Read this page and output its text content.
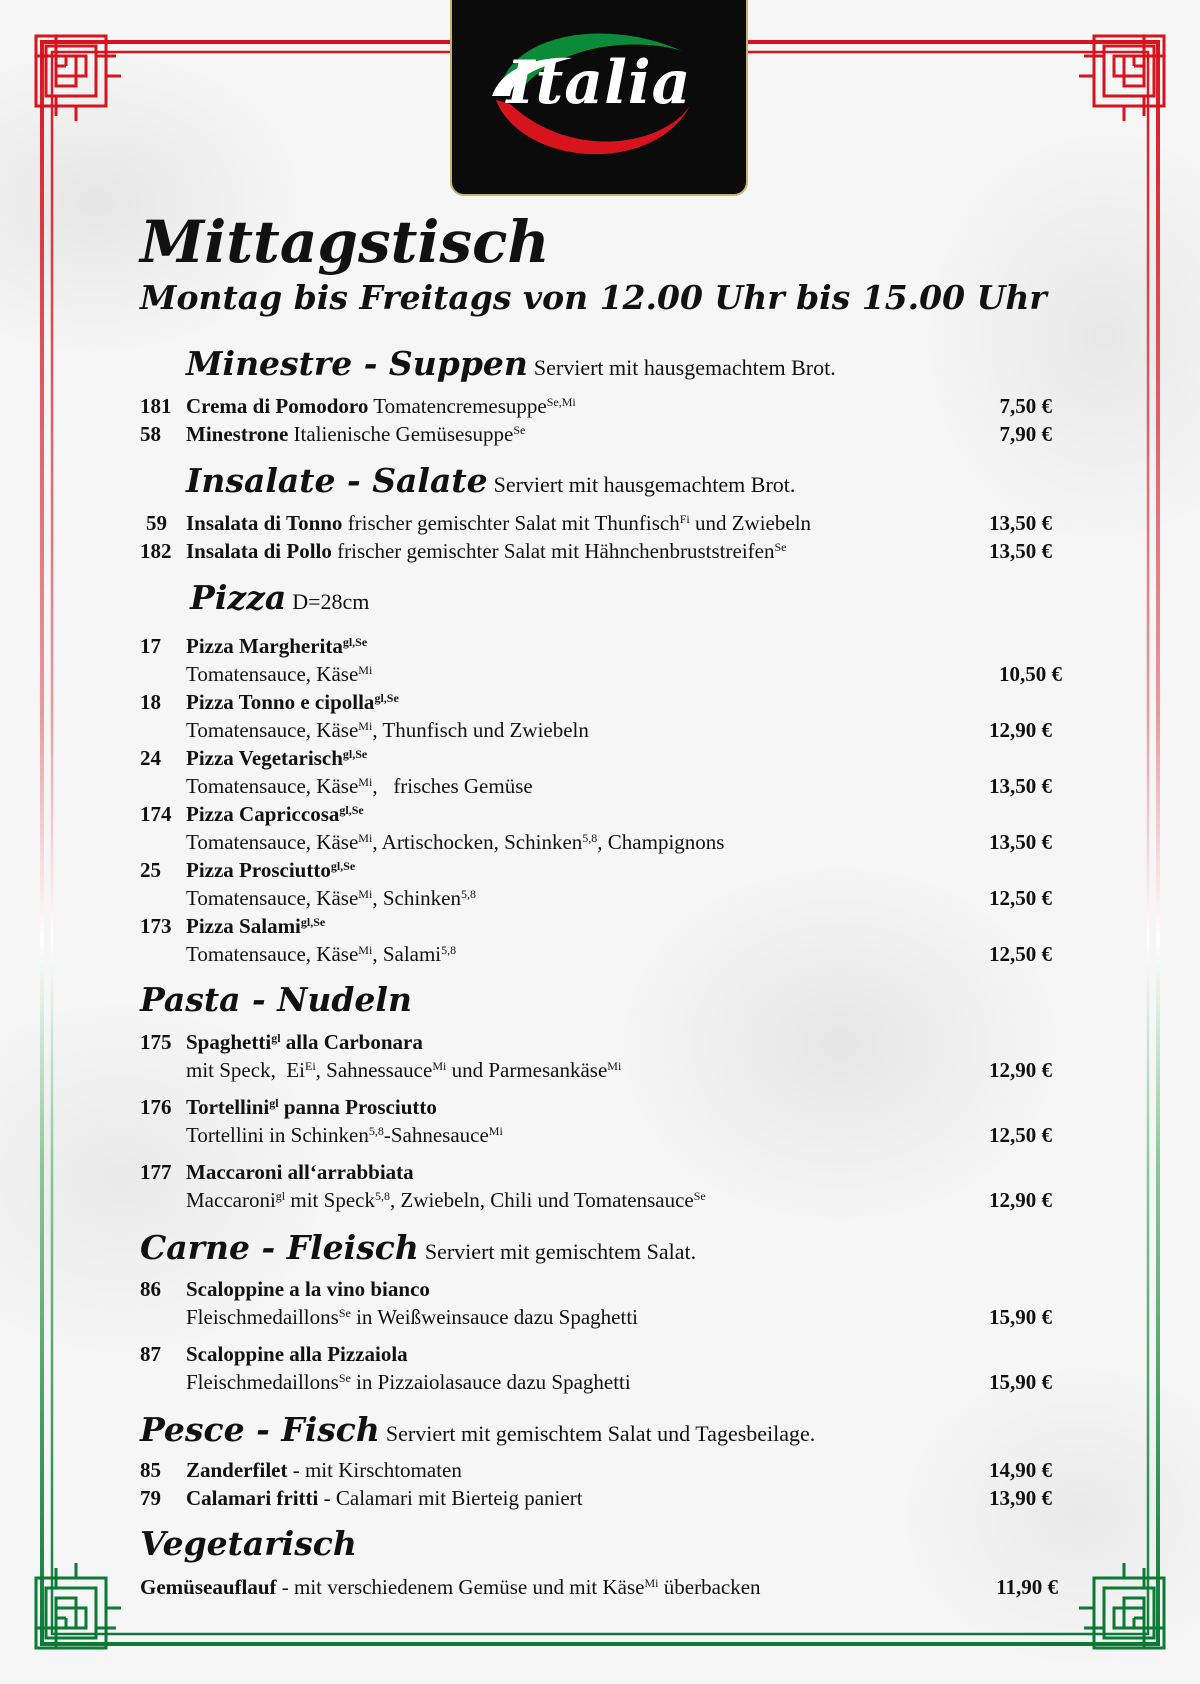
Italia
Mittagstisch
Montag bis Freitags von 12.00 Uhr bis 15.00 Uhr
Minestre - Suppen Serviert mit hausgemachtem Brot.
181 Crema di Pomodoro Tomatencremesuppe$^{Se,Mi}$	7,50 €
58 Minestrone Italienische Gemüsesuppe$^{Se}$	7,90 €
Insalate - Salate Serviert mit hausgemachtem Brot.
59 Insalata di Tonno frischer gemischter Salat mit Thunfisch$^{Fi}$ und Zwiebeln	13,50 €
182 Insalata di Pollo frischer gemischter Salat mit Hähnchenbruststreifen$^{Se}$	13,50 €
Pizza D=28cm
17 Pizza Margherita$^{gl,Se}$
Tomatensauce, Käse$^{Mi}$	10,50 €
18 Pizza Tonno e cipolla$^{gl,Se}$
Tomatensauce, Käse$^{Mi}$, Thunfisch und Zwiebeln	12,90 €
24 Pizza Vegetarisch$^{gl,Se}$
Tomatensauce, Käse$^{Mi}$,   frisches Gemüse	13,50 €
174 Pizza Capriccosa$^{gl,Se}$
Tomatensauce, Käse$^{Mi}$, Artischocken, Schinken$^{5,8}$, Champignons	13,50 €
25 Pizza Prosciutto$^{gl,Se}$
Tomatensauce, Käse$^{Mi}$, Schinken$^{5,8}$	12,50 €
173 Pizza Salami$^{gl,Se}$
Tomatensauce, Käse$^{Mi}$, Salami$^{5,8}$	12,50 €
Pasta - Nudeln
175 Spaghetti$^{gl}$ alla Carbonara
mit Speck,  $Ei^{Ei}$, Sahnessauce$^{Mi}$ und Parmesankäse$^{Mi}$	12,90 €
176 Tortellini$^{gl}$ panna Prosciutto
Tortellini in Schinken$^{5,8}$-Sahnesauce$^{Mi}$	12,50 €
177 Maccaroni all‘arrabbiata
Maccaroni$^{gl}$ mit Speck$^{5,8}$, Zwiebeln, Chili und Tomatensauce$^{Se}$	12,90 €
Carne - Fleisch Serviert mit gemischtem Salat.
86 Scaloppine a la vino bianco
Fleischmedaillons$^{Se}$ in Weißweinsauce dazu Spaghetti	15,90 €
87 Scaloppine alla Pizzaiola
Fleischmedaillons$^{Se}$ in Pizzaiolasauce dazu Spaghetti	15,90 €
Pesce - Fisch Serviert mit gemischtem Salat und Tagesbeilage.
85 Zanderfilet - mit Kirschtomaten	14,90 €
79 Calamari fritti - Calamari mit Bierteig paniert	13,90 €
Vegetarisch
Gemüseauflauf - mit verschiedenem Gemüse und mit Käse$^{Mi}$ überbacken	11,90 €
